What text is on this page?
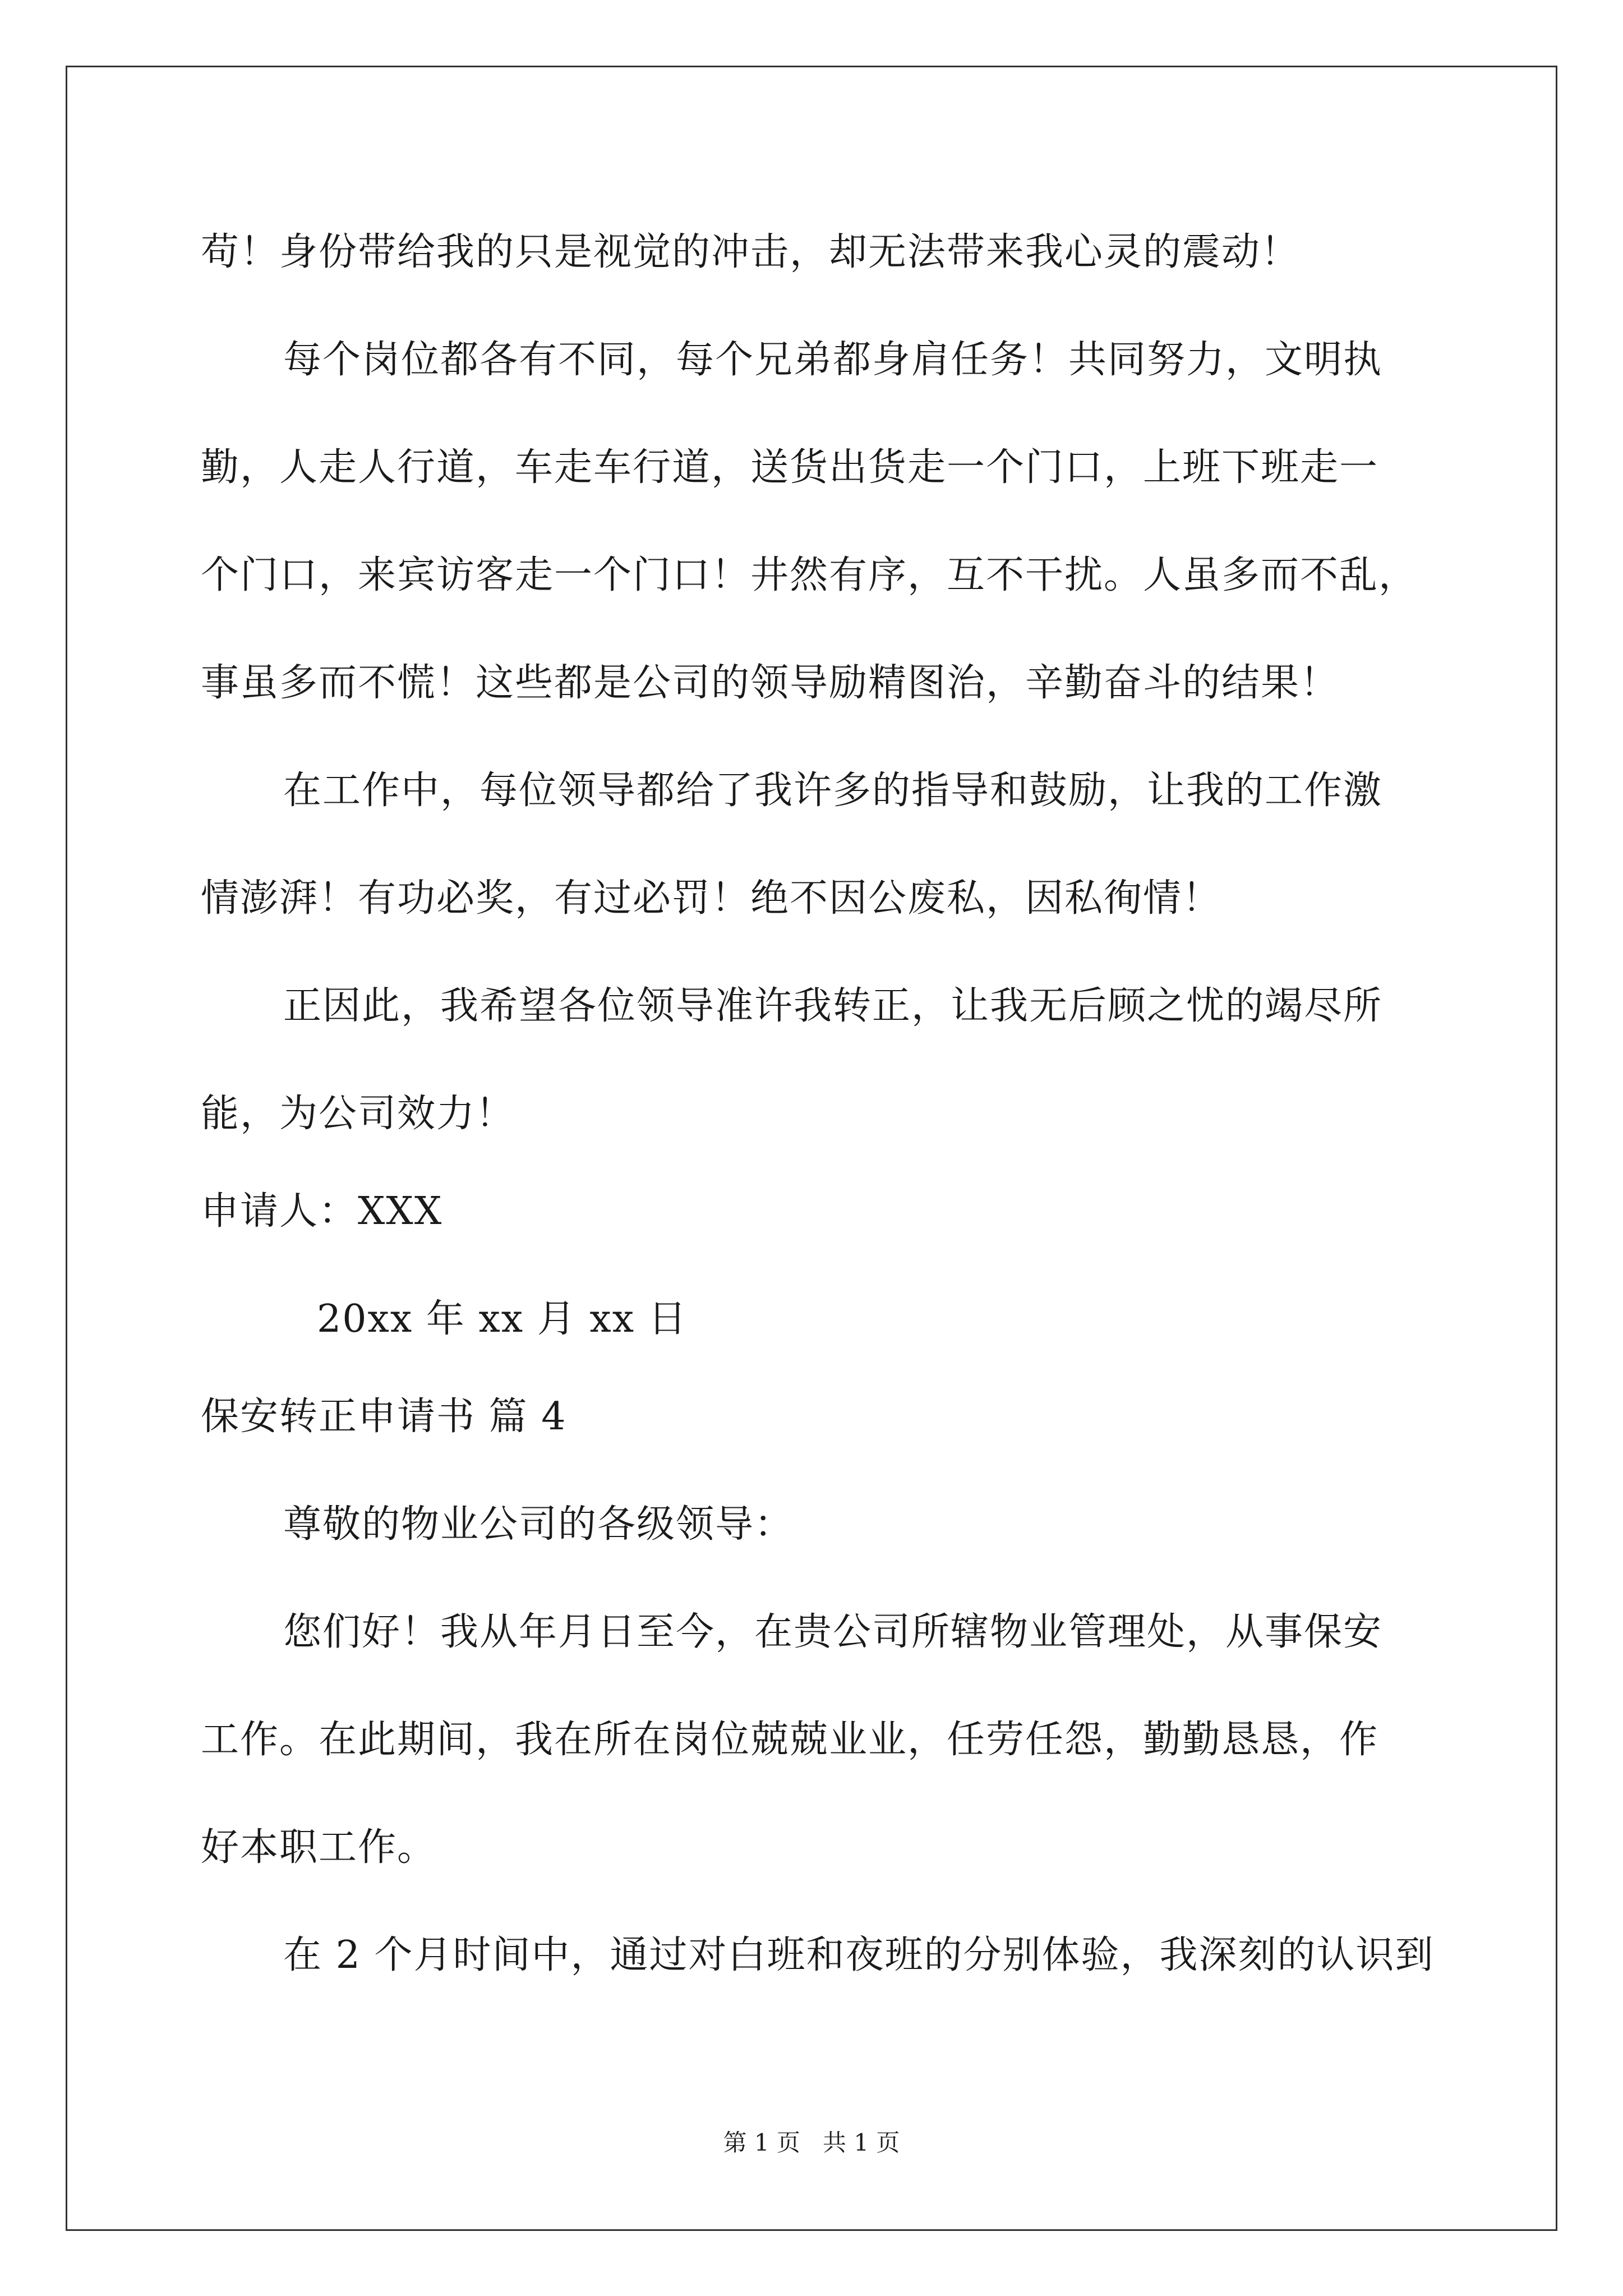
苟！身份带给我的只是视觉的冲击，却无法带来我心灵的震动！
每个岗位都各有不同，每个兄弟都身肩任务！共同努力，文明执
勤，人走人行道，车走车行道，送货出货走一个门口，上班下班走一
个门口，来宾访客走一个门口！井然有序，互不干扰。人虽多而不乱，
事虽多而不慌！这些都是公司的领导励精图治，辛勤奋斗的结果！
在工作中，每位领导都给了我许多的指导和鼓励，让我的工作激
情澎湃！有功必奖，有过必罚！绝不因公废私，因私徇情！
正因此，我希望各位领导准许我转正，让我无后顾之忧的竭尽所
能，为公司效力！
申请人：XXX
20xx 年 xx 月 xx 日
保安转正申请书 篇 4
尊敬的物业公司的各级领导：
您们好！我从年月日至今，在贵公司所辖物业管理处，从事保安
工作。在此期间，我在所在岗位兢兢业业，任劳任怨，勤勤恳恳，作
好本职工作。
在 2 个月时间中，通过对白班和夜班的分别体验，我深刻的认识到
第 1 页 共 1 页
